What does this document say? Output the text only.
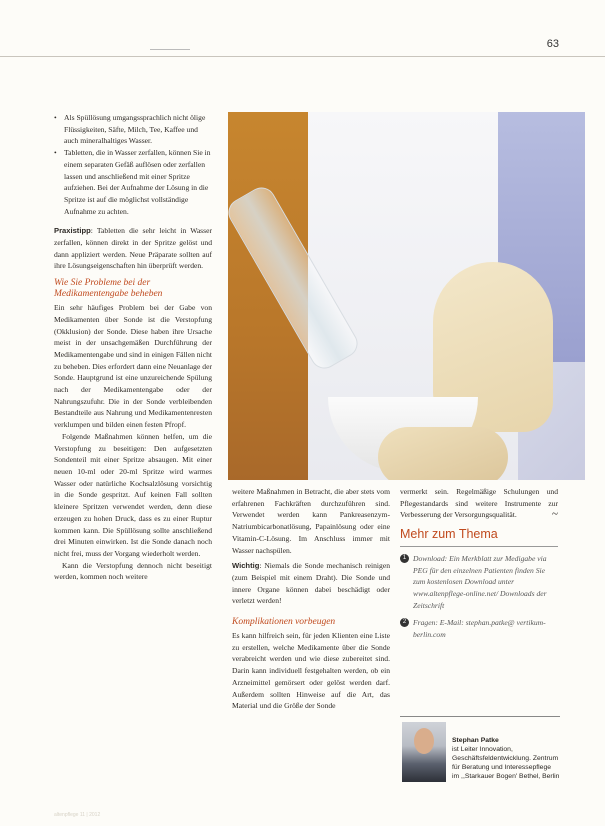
63
• Als Spüllösung umgangssprachlich nicht ölige Flüssigkeiten, Säfte, Milch, Tee, Kaffee und auch mineralhaltiges Wasser.
• Tabletten, die in Wasser zerfallen, können Sie in einem separaten Gefäß auflösen oder zerfallen lassen und anschließend mit einer Spritze aufziehen. Bei der Aufnahme der Lösung in die Spritze ist auf die möglichst vollständige Aufnahme zu achten.

Praxistipp: Tabletten die sehr leicht in Wasser zerfallen, können direkt in der Spritze gelöst und dann appliziert werden. Neue Präparate sollten auf ihre Lösungseigenschaften hin überprüft werden.

Wie Sie Probleme bei der Medikamentengabe beheben

Ein sehr häufiges Problem bei der Gabe von Medikamenten über Sonde ist die Verstopfung (Okklusion) der Sonde. Diese haben ihre Ursache meist in der unsachgemäßen Durchführung der Medikamentengabe und sind in einigen Fällen nicht zu beheben. Dies erfordert dann eine Neuanlage der Sonde. Hauptgrund ist eine unzureichende Spülung nach der Medikamentengabe oder der Nahrungszufuhr. Die in der Sonde verbleibenden Bestandteile aus Nahrung und Medikamentenresten verklumpen und bilden einen festen Pfropf.

Folgende Maßnahmen können helfen, um die Verstopfung zu beseitigen: Den aufgesetzten Sondenteil mit einer Spritze absaugen. Mit einer neuen 10-ml oder 20-ml Spritze wird warmes Wasser oder natürliche Kochsalzlösung vorsichtig in die Sonde gespritzt. Auf keinen Fall sollten kleinere Spritzen verwendet werden, denn diese erzeugen zu hohen Druck, dass es zu einer Ruptur kommen kann. Die Spüllösung sollte anschließend drei Minuten einwirken. Ist die Sonde danach noch nicht frei, muss der Vorgang wiederholt werden.

Kann die Verstopfung dennoch nicht beseitigt werden, kommen noch weitere

weitere Maßnahmen in Betracht, die aber stets vom erfahrenen Fachkräften durchzuführen sind. Verwendet werden kann Pankreasenzym-Natriumbicarbonatlösung, Papainlösung oder eine Vitamin-C-Lösung. Im Anschluss immer mit Wasser nachspülen.

Wichtig: Niemals die Sonde mechanisch reinigen (zum Beispiel mit einem Draht). Die Sonde und innere Organe können dabei beschädigt oder verletzt werden!

Komplikationen vorbeugen

Es kann hilfreich sein, für jeden Klienten eine Liste zu erstellen, welche Medikamente über die Sonde verabreicht werden und wie diese zubereitet sind. Darin kann individuell festgehalten werden, ob ein Arzneimittel gemörsert oder gelöst werden darf. Außerdem sollten Hinweise auf die Art, das Material und die Größe der Sonde

vermerkt sein. Regelmäßige Schulungen und Pflegestandards sind weitere Instrumente zur Verbesserung der Versorgungsqualität.	~

Mehr zum Thema
1 Download: Ein Merkblatt zur Medigabe via PEG für den einzelnen Patienten finden Sie zum kostenlosen Download unter www.altenpflege-online.net/ Downloads der Zeitschrift
2 Fragen: E-Mail: stephan.patke@ vertikum-berlin.com
Stephan Patke
ist Leiter Innovation, Geschäftsfeldentwicklung. Zentrum für Beratung und Interessepflege im ,,Starkauer Bogen' Bethel, Berlin
altenpflege 11 | 2012
